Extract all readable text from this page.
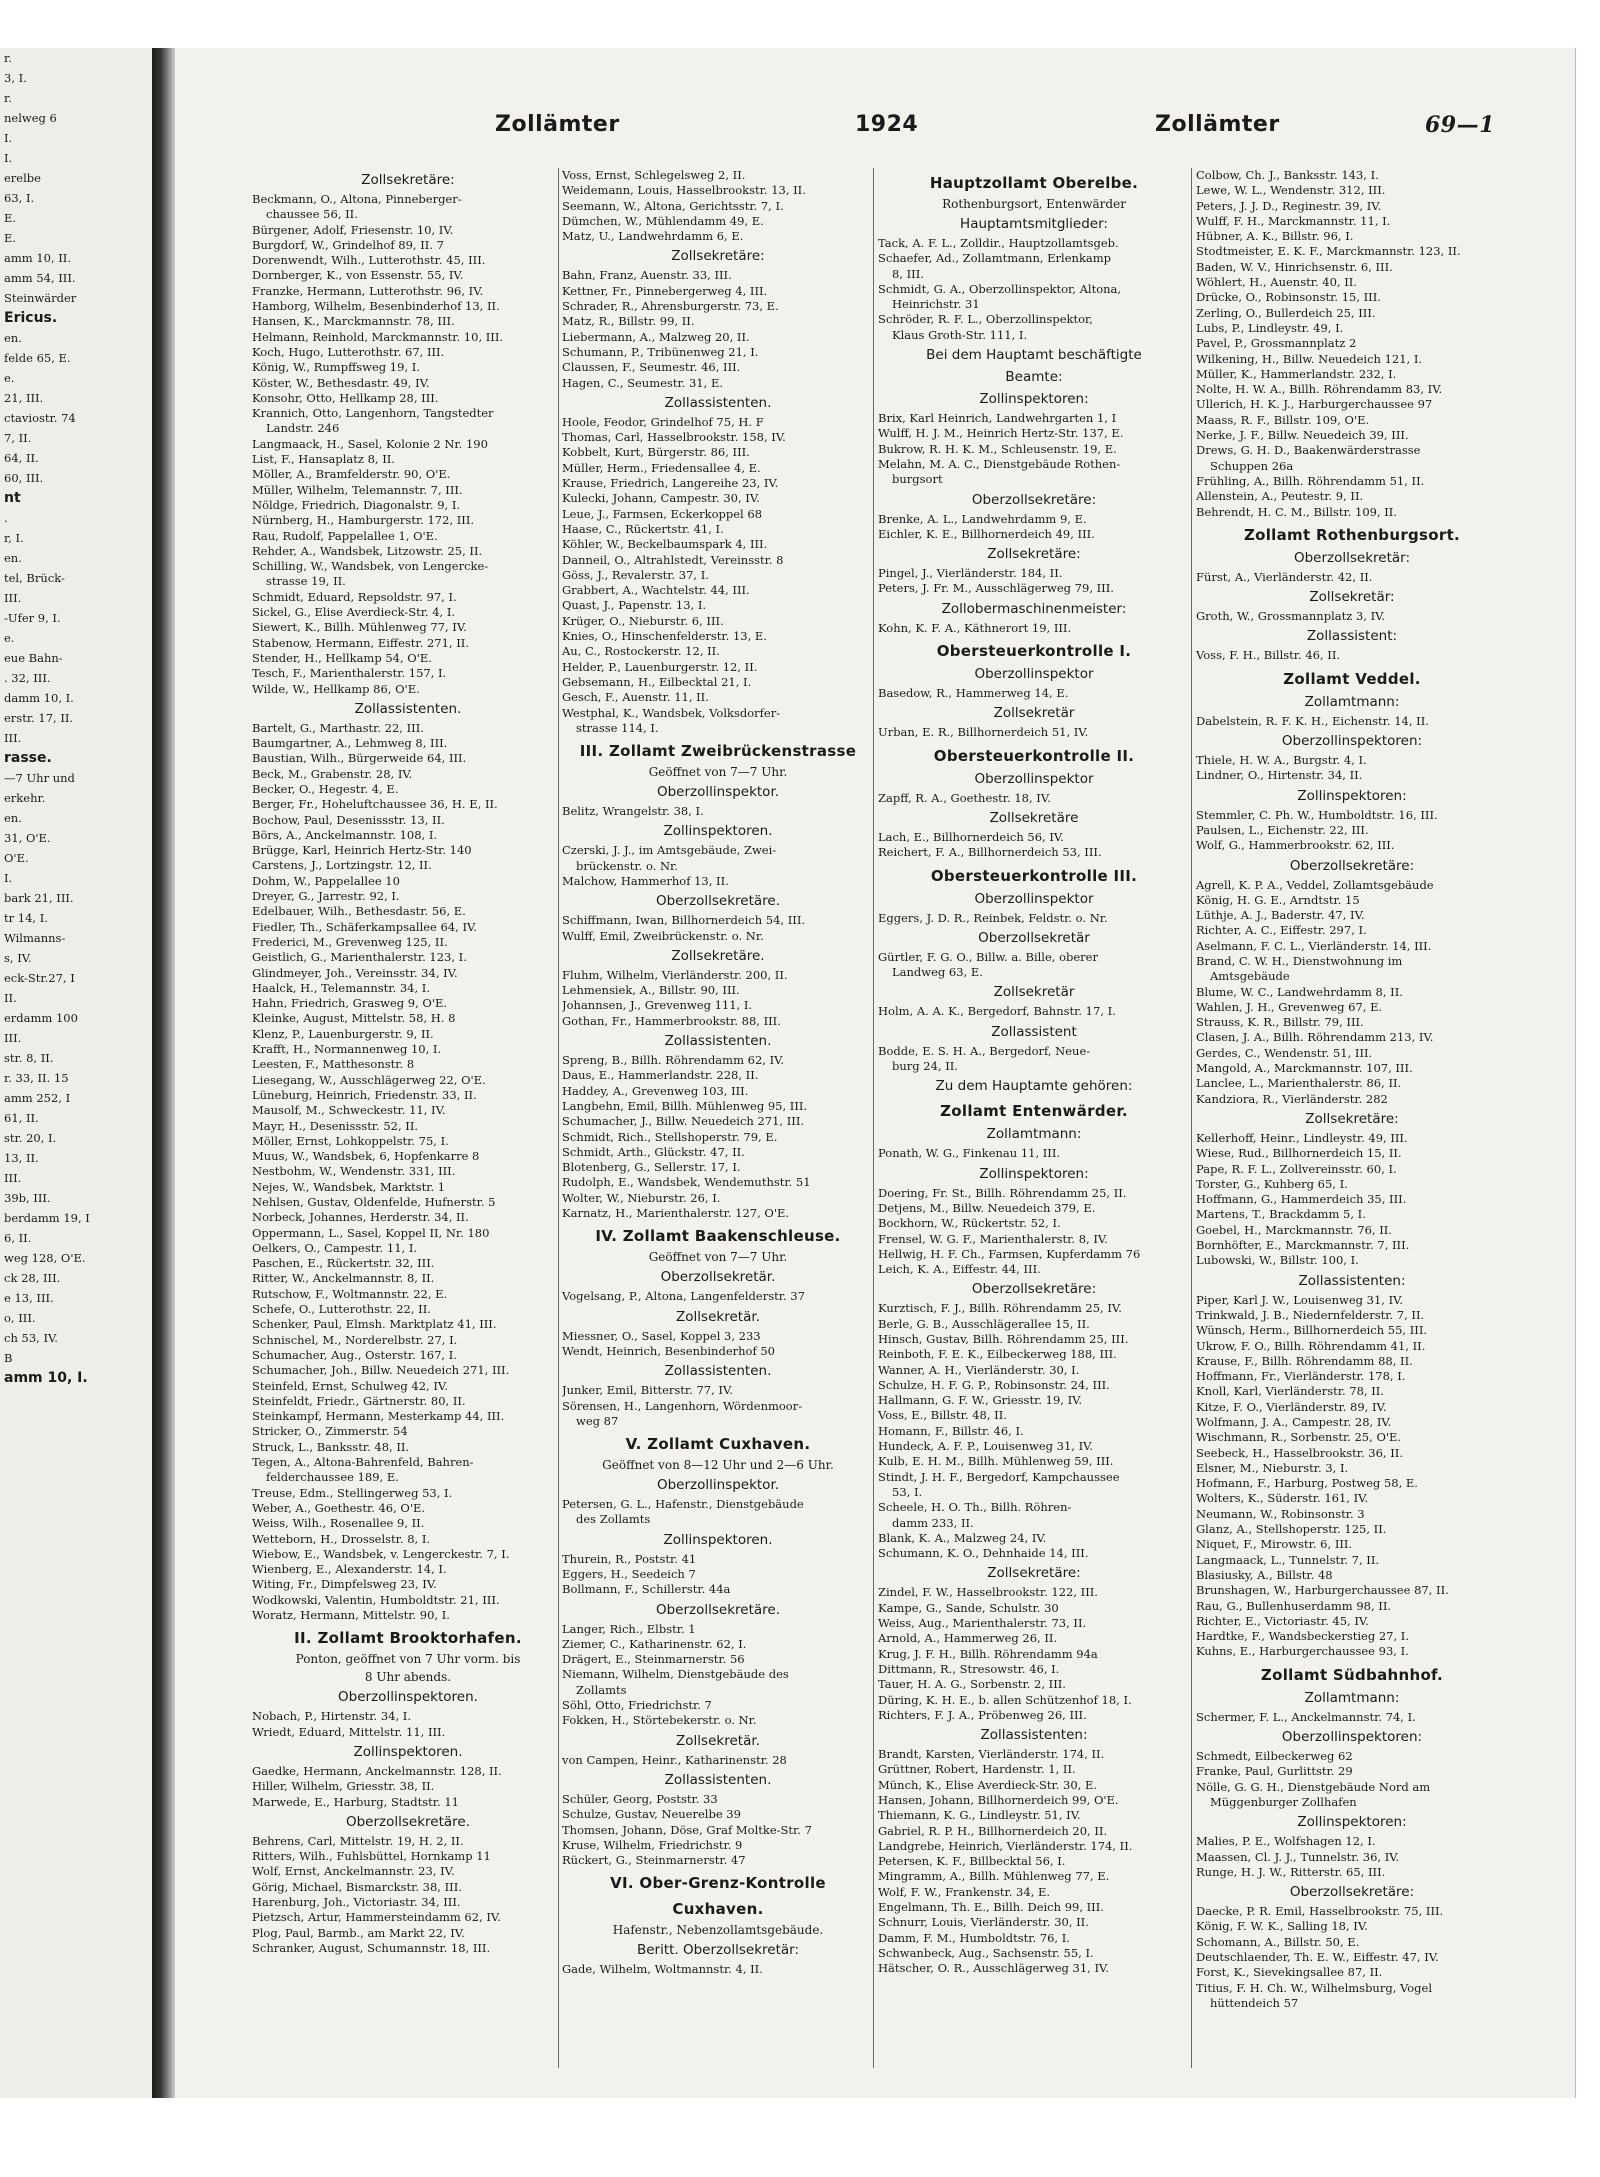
r.
3, I.
r.
nelweg 6
I.
I.
erelbe
63, I.
E.
E.
amm 10, II.
amm 54, III.
Steinwärder
Ericus.
en.
felde 65, E.
e.
21, III.
ctaviostr. 74
7, II.
64, II.
60, III.
nt
.
r, I.
en.
tel, Brück-
III.
-Ufer 9, I.
e.
eue Bahn-
. 32, III.
damm 10, I.
erstr. 17, II.
III.
rasse.
—7 Uhr und
erkehr.
en.
31, O'E.
O'E.
I.
bark 21, III.
tr 14, I.
Wilmanns-
s, IV.
eck-Str.27, I
II.
erdamm 100
III.
str. 8, II.
r. 33, II. 15
amm 252, I
61, II.
str. 20, I.
13, II.
III.
39b, III.
berdamm 19, I
6, II.
weg 128, O'E.
ck 28, III.
e 13, III.
o, III.
ch 53, IV.
B
amm 10, I.
Zollämter	1924	Zollämter	69—1
Zollsekretäre:
Beckmann, O., Altona, Pinneberger-
chaussee 56, II.
Bürgener, Adolf, Friesenstr. 10, IV.
Burgdorf, W., Grindelhof 89, II. 7
Dorenwendt, Wilh., Lutterothstr. 45, III.
Dornberger, K., von Essenstr. 55, IV.
Franzke, Hermann, Lutterothstr. 96, IV.
Hamborg, Wilhelm, Besenbinderhof 13, II.
Hansen, K., Marckmannstr. 78, III.
Helmann, Reinhold, Marckmannstr. 10, III.
Koch, Hugo, Lutterothstr. 67, III.
König, W., Rumpffsweg 19, I.
Köster, W., Bethesdastr. 49, IV.
Konsohr, Otto, Hellkamp 28, III.
Krannich, Otto, Langenhorn, Tangstedter
Landstr. 246
Langmaack, H., Sasel, Kolonie 2 Nr. 190
List, F., Hansaplatz 8, II.
Möller, A., Bramfelderstr. 90, O'E.
Müller, Wilhelm, Telemannstr. 7, III.
Nöldge, Friedrich, Diagonalstr. 9, I.
Nürnberg, H., Hamburgerstr. 172, III.
Rau, Rudolf, Pappelallee 1, O'E.
Rehder, A., Wandsbek, Litzowstr. 25, II.
Schilling, W., Wandsbek, von Lengercke-
strasse 19, II.
Schmidt, Eduard, Repsoldstr. 97, I.
Sickel, G., Elise Averdieck-Str. 4, I.
Siewert, K., Billh. Mühlenweg 77, IV.
Stabenow, Hermann, Eiffestr. 271, II.
Stender, H., Hellkamp 54, O'E.
Tesch, F., Marienthalerstr. 157, I.
Wilde, W., Hellkamp 86, O'E.
Zollassistenten.
Bartelt, G., Marthastr. 22, III.
Baumgartner, A., Lehmweg 8, III.
Baustian, Wilh., Bürgerweide 64, III.
Beck, M., Grabenstr. 28, IV.
Becker, O., Hegestr. 4, E.
Berger, Fr., Hoheluftchaussee 36, H. E, II.
Bochow, Paul, Desenissstr. 13, II.
Börs, A., Anckelmannstr. 108, I.
Brügge, Karl, Heinrich Hertz-Str. 140
Carstens, J., Lortzingstr. 12, II.
Dohm, W., Pappelallee 10
Dreyer, G., Jarrestr. 92, I.
Edelbauer, Wilh., Bethesdastr. 56, E.
Fiedler, Th., Schäferkampsallee 64, IV.
Frederici, M., Grevenweg 125, II.
Geistlich, G., Marienthalerstr. 123, I.
Glindmeyer, Joh., Vereinsstr. 34, IV.
Haalck, H., Telemannstr. 34, I.
Hahn, Friedrich, Grasweg 9, O'E.
Kleinke, August, Mittelstr. 58, H. 8
Klenz, P., Lauenburgerstr. 9, II.
Krafft, H., Normannenweg 10, I.
Leesten, F., Matthesonstr. 8
Liesegang, W., Ausschlägerweg 22, O'E.
Lüneburg, Heinrich, Friedenstr. 33, II.
Mausolf, M., Schweckestr. 11, IV.
Mayr, H., Desenissstr. 52, II.
Möller, Ernst, Lohkoppelstr. 75, I.
Muus, W., Wandsbek, 6, Hopfenkarre 8
Nestbohm, W., Wendenstr. 331, III.
Nejes, W., Wandsbek, Marktstr. 1
Nehlsen, Gustav, Oldenfelde, Hufnerstr. 5
Norbeck, Johannes, Herderstr. 34, II.
Oppermann, L., Sasel, Koppel II, Nr. 180
Oelkers, O., Campestr. 11, I.
Paschen, E., Rückertstr. 32, III.
Ritter, W., Anckelmannstr. 8, II.
Rutschow, F., Woltmannstr. 22, E.
Schefe, O., Lutterothstr. 22, II.
Schenker, Paul, Elmsh. Marktplatz 41, III.
Schnischel, M., Norderelbstr. 27, I.
Schumacher, Aug., Osterstr. 167, I.
Schumacher, Joh., Billw. Neuedeich 271, III.
Steinfeld, Ernst, Schulweg 42, IV.
Steinfeldt, Friedr., Gärtnerstr. 80, II.
Steinkampf, Hermann, Mesterkamp 44, III.
Stricker, O., Zimmerstr. 54
Struck, L., Banksstr. 48, II.
Tegen, A., Altona-Bahrenfeld, Bahren-
felderchaussee 189, E.
Treuse, Edm., Stellingerweg 53, I.
Weber, A., Goethestr. 46, O'E.
Weiss, Wilh., Rosenallee 9, II.
Wetteborn, H., Drosselstr. 8, I.
Wiebow, E., Wandsbek, v. Lengerckestr. 7, I.
Wienberg, E., Alexanderstr. 14, I.
Witing, Fr., Dimpfelsweg 23, IV.
Wodkowski, Valentin, Humboldtstr. 21, III.
Woratz, Hermann, Mittelstr. 90, I.
II. Zollamt Brooktorhafen.
Ponton, geöffnet von 7 Uhr vorm. bis
8 Uhr abends.
Oberzollinspektoren.
Nobach, P., Hirtenstr. 34, I.
Wriedt, Eduard, Mittelstr. 11, III.
Zollinspektoren.
Gaedke, Hermann, Anckelmannstr. 128, II.
Hiller, Wilhelm, Griesstr. 38, II.
Marwede, E., Harburg, Stadtstr. 11
Oberzollsekretäre.
Behrens, Carl, Mittelstr. 19, H. 2, II.
Ritters, Wilh., Fuhlsbüttel, Hornkamp 11
Wolf, Ernst, Anckelmannstr. 23, IV.
Görig, Michael, Bismarckstr. 38, III.
Harenburg, Joh., Victoriastr. 34, III.
Pietzsch, Artur, Hammersteindamm 62, IV.
Plog, Paul, Barmb., am Markt 22, IV.
Schranker, August, Schumannstr. 18, III.
Voss, Ernst, Schlegelsweg 2, II.
Weidemann, Louis, Hasselbrookstr. 13, II.
Seemann, W., Altona, Gerichtsstr. 7, I.
Dümchen, W., Mühlendamm 49, E.
Matz, U., Landwehrdamm 6, E.
Zollsekretäre:
Bahn, Franz, Auenstr. 33, III.
Kettner, Fr., Pinnebergerweg 4, III.
Schrader, R., Ahrensburgerstr. 73, E.
Matz, R., Billstr. 99, II.
Liebermann, A., Malzweg 20, II.
Schumann, P., Tribünenweg 21, I.
Claussen, F., Seumestr. 46, III.
Hagen, C., Seumestr. 31, E.
Zollassistenten.
Hoole, Feodor, Grindelhof 75, H. F
Thomas, Carl, Hasselbrookstr. 158, IV.
Kobbelt, Kurt, Bürgerstr. 86, III.
Müller, Herm., Friedensallee 4, E.
Krause, Friedrich, Langereihe 23, IV.
Kulecki, Johann, Campestr. 30, IV.
Leue, J., Farmsen, Eckerkoppel 68
Haase, C., Rückertstr. 41, I.
Köhler, W., Beckelbaumspark 4, III.
Danneil, O., Altrahlstedt, Vereinsstr. 8
Göss, J., Revalerstr. 37, I.
Grabbert, A., Wachtelstr. 44, III.
Quast, J., Papenstr. 13, I.
Krüger, O., Nieburstr. 6, III.
Knies, O., Hinschenfelderstr. 13, E.
Au, C., Rostockerstr. 12, II.
Helder, P., Lauenburgerstr. 12, II.
Gebsemann, H., Eilbecktal 21, I.
Gesch, F., Auenstr. 11, II.
Westphal, K., Wandsbek, Volksdorfer-
strasse 114, I.
III. Zollamt Zweibrückenstrasse
Geöffnet von 7—7 Uhr.
Oberzollinspektor.
Belitz, Wrangelstr. 38, I.
Zollinspektoren.
Czerski, J. J., im Amtsgebäude, Zwei-
brückenstr. o. Nr.
Malchow, Hammerhof 13, II.
Oberzollsekretäre.
Schiffmann, Iwan, Billhornerdeich 54, III.
Wulff, Emil, Zweibrückenstr. o. Nr.
Zollsekretäre.
Fluhm, Wilhelm, Vierländerstr. 200, II.
Lehmensiek, A., Billstr. 90, III.
Johannsen, J., Grevenweg 111, I.
Gothan, Fr., Hammerbrookstr. 88, III.
Zollassistenten.
Spreng, B., Billh. Röhrendamm 62, IV.
Daus, E., Hammerlandstr. 228, II.
Haddey, A., Grevenweg 103, III.
Langbehn, Emil, Billh. Mühlenweg 95, III.
Schumacher, J., Billw. Neuedeich 271, III.
Schmidt, Rich., Stellshoperstr. 79, E.
Schmidt, Arth., Glückstr. 47, II.
Blotenberg, G., Sellerstr. 17, I.
Rudolph, E., Wandsbek, Wendemuthstr. 51
Wolter, W., Nieburstr. 26, I.
Karnatz, H., Marienthalerstr. 127, O'E.
IV. Zollamt Baakenschleuse.
Geöffnet von 7—7 Uhr.
Oberzollsekretär.
Vogelsang, P., Altona, Langenfelderstr. 37
Zollsekretär.
Miessner, O., Sasel, Koppel 3, 233
Wendt, Heinrich, Besenbinderhof 50
Zollassistenten.
Junker, Emil, Bitterstr. 77, IV.
Sörensen, H., Langenhorn, Wördenmoor-
weg 87
V. Zollamt Cuxhaven.
Geöffnet von 8—12 Uhr und 2—6 Uhr.
Oberzollinspektor.
Petersen, G. L., Hafenstr., Dienstgebäude
des Zollamts
Zollinspektoren.
Thurein, R., Poststr. 41
Eggers, H., Seedeich 7
Bollmann, F., Schillerstr. 44a
Oberzollsekretäre.
Langer, Rich., Elbstr. 1
Ziemer, C., Katharinenstr. 62, I.
Drägert, E., Steinmarnerstr. 56
Niemann, Wilhelm, Dienstgebäude des
Zollamts
Söhl, Otto, Friedrichstr. 7
Fokken, H., Störtebekerstr. o. Nr.
Zollsekretär.
von Campen, Heinr., Katharinenstr. 28
Zollassistenten.
Schüler, Georg, Poststr. 33
Schulze, Gustav, Neuerelbe 39
Thomsen, Johann, Döse, Graf Moltke-Str. 7
Kruse, Wilhelm, Friedrichstr. 9
Rückert, G., Steinmarnerstr. 47
VI. Ober-Grenz-Kontrolle
Cuxhaven.
Hafenstr., Nebenzollamtsgebäude.
Beritt. Oberzollsekretär:
Gade, Wilhelm, Woltmannstr. 4, II.
Hauptzollamt Oberelbe.
Rothenburgsort, Entenwärder
Hauptamtsmitglieder:
Tack, A. F. L., Zolldir., Hauptzollamtsgeb.
Schaefer, Ad., Zollamtmann, Erlenkamp
8, III.
Schmidt, G. A., Oberzollinspektor, Altona,
Heinrichstr. 31
Schröder, R. F. L., Oberzollinspektor,
Klaus Groth-Str. 111, I.
Bei dem Hauptamt beschäftigte
Beamte:
Zollinspektoren:
Brix, Karl Heinrich, Landwehrgarten 1, I
Wulff, H. J. M., Heinrich Hertz-Str. 137, E.
Bukrow, R. H. K. M., Schleusenstr. 19, E.
Melahn, M. A. C., Dienstgebäude Rothen-
burgsort
Oberzollsekretäre:
Brenke, A. L., Landwehrdamm 9, E.
Eichler, K. E., Billhornerdeich 49, III.
Zollsekretäre:
Pingel, J., Vierländerstr. 184, II.
Peters, J. Fr. M., Ausschlägerweg 79, III.
Zollobermaschinenmeister:
Kohn, K. F. A., Käthnerort 19, III.
Obersteuerkontrolle I.
Oberzollinspektor
Basedow, R., Hammerweg 14, E.
Zollsekretär
Urban, E. R., Billhornerdeich 51, IV.
Obersteuerkontrolle II.
Oberzollinspektor
Zapff, R. A., Goethestr. 18, IV.
Zollsekretäre
Lach, E., Billhornerdeich 56, IV.
Reichert, F. A., Billhornerdeich 53, III.
Obersteuerkontrolle III.
Oberzollinspektor
Eggers, J. D. R., Reinbek, Feldstr. o. Nr.
Oberzollsekretär
Gürtler, F. G. O., Billw. a. Bille, oberer
Landweg 63, E.
Zollsekretär
Holm, A. A. K., Bergedorf, Bahnstr. 17, I.
Zollassistent
Bodde, E. S. H. A., Bergedorf, Neue-
burg 24, II.
Zu dem Hauptamte gehören:
Zollamt Entenwärder.
Zollamtmann:
Ponath, W. G., Finkenau 11, III.
Zollinspektoren:
Doering, Fr. St., Billh. Röhrendamm 25, II.
Detjens, M., Billw. Neuedeich 379, E.
Bockhorn, W., Rückertstr. 52, I.
Frensel, W. G. F., Marienthalerstr. 8, IV.
Hellwig, H. F. Ch., Farmsen, Kupferdamm 76
Leich, K. A., Eiffestr. 44, III.
Oberzollsekretäre:
Kurztisch, F. J., Billh. Röhrendamm 25, IV.
Berle, G. B., Ausschlägerallee 15, II.
Hinsch, Gustav, Billh. Röhrendamm 25, III.
Reinboth, F. E. K., Eilbeckerweg 188, III.
Wanner, A. H., Vierländerstr. 30, I.
Schulze, H. F. G. P., Robinsonstr. 24, III.
Hallmann, G. F. W., Griesstr. 19, IV.
Voss, E., Billstr. 48, II.
Homann, F., Billstr. 46, I.
Hundeck, A. F. P., Louisenweg 31, IV.
Kulb, E. H. M., Billh. Mühlenweg 59, III.
Stindt, J. H. F., Bergedorf, Kampchaussee
53, I.
Scheele, H. O. Th., Billh. Röhren-
damm 233, II.
Blank, K. A., Malzweg 24, IV.
Schumann, K. O., Dehnhaide 14, III.
Zollsekretäre:
Zindel, F. W., Hasselbrookstr. 122, III.
Kampe, G., Sande, Schulstr. 30
Weiss, Aug., Marienthalerstr. 73, II.
Arnold, A., Hammerweg 26, II.
Krug, J. F. H., Billh. Röhrendamm 94a
Dittmann, R., Stresowstr. 46, I.
Tauer, H. A. G., Sorbenstr. 2, III.
Düring, K. H. E., b. allen Schützenhof 18, I.
Richters, F. J. A., Pröbenweg 26, III.
Zollassistenten:
Brandt, Karsten, Vierländerstr. 174, II.
Grüttner, Robert, Hardenstr. 1, II.
Münch, K., Elise Averdieck-Str. 30, E.
Hansen, Johann, Billhornerdeich 99, O'E.
Thiemann, K. G., Lindleystr. 51, IV.
Gabriel, R. P. H., Billhornerdeich 20, II.
Landgrebe, Heinrich, Vierländerstr. 174, II.
Petersen, K. F., Billbecktal 56, I.
Mingramm, A., Billh. Mühlenweg 77, E.
Wolf, F. W., Frankenstr. 34, E.
Engelmann, Th. E., Billh. Deich 99, III.
Schnurr, Louis, Vierländerstr. 30, II.
Damm, F. M., Humboldtstr. 76, I.
Schwanbeck, Aug., Sachsenstr. 55, I.
Hätscher, O. R., Ausschlägerweg 31, IV.
Colbow, Ch. J., Banksstr. 143, I.
Lewe, W. L., Wendenstr. 312, III.
Peters, J. J. D., Reginestr. 39, IV.
Wulff, F. H., Marckmannstr. 11, I.
Hübner, A. K., Billstr. 96, I.
Stodtmeister, E. K. F., Marckmannstr. 123, II.
Baden, W. V., Hinrichsenstr. 6, III.
Wöhlert, H., Auenstr. 40, II.
Drücke, O., Robinsonstr. 15, III.
Zerling, O., Bullerdeich 25, III.
Lubs, P., Lindleystr. 49, I.
Pavel, P., Grossmannplatz 2
Wilkening, H., Billw. Neuedeich 121, I.
Müller, K., Hammerlandstr. 232, I.
Nolte, H. W. A., Billh. Röhrendamm 83, IV.
Ullerich, H. K. J., Harburgerchaussee 97
Maass, R. F., Billstr. 109, O'E.
Nerke, J. F., Billw. Neuedeich 39, III.
Drews, G. H. D., Baakenwärderstrasse
Schuppen 26a
Frühling, A., Billh. Röhrendamm 51, II.
Allenstein, A., Peutestr. 9, II.
Behrendt, H. C. M., Billstr. 109, II.
Zollamt Rothenburgsort.
Oberzollsekretär:
Fürst, A., Vierländerstr. 42, II.
Zollsekretär:
Groth, W., Grossmannplatz 3, IV.
Zollassistent:
Voss, F. H., Billstr. 46, II.
Zollamt Veddel.
Zollamtmann:
Dabelstein, R. F. K. H., Eichenstr. 14, II.
Oberzollinspektoren:
Thiele, H. W. A., Burgstr. 4, I.
Lindner, O., Hirtenstr. 34, II.
Zollinspektoren:
Stemmler, C. Ph. W., Humboldtstr. 16, III.
Paulsen, L., Eichenstr. 22, III.
Wolf, G., Hammerbrookstr. 62, III.
Oberzollsekretäre:
Agrell, K. P. A., Veddel, Zollamtsgebäude
König, H. G. E., Arndtstr. 15
Lüthje, A. J., Baderstr. 47, IV.
Richter, A. C., Eiffestr. 297, I.
Aselmann, F. C. L., Vierländerstr. 14, III.
Brand, C. W. H., Dienstwohnung im
Amtsgebäude
Blume, W. C., Landwehrdamm 8, II.
Wahlen, J. H., Grevenweg 67, E.
Strauss, K. R., Billstr. 79, III.
Clasen, J. A., Billh. Röhrendamm 213, IV.
Gerdes, C., Wendenstr. 51, III.
Mangold, A., Marckmannstr. 107, III.
Lanclee, L., Marienthalerstr. 86, II.
Kandziora, R., Vierländerstr. 282
Zollsekretäre:
Kellerhoff, Heinr., Lindleystr. 49, III.
Wiese, Rud., Billhornerdeich 15, II.
Pape, R. F. L., Zollvereinsstr. 60, I.
Torster, G., Kuhberg 65, I.
Hoffmann, G., Hammerdeich 35, III.
Martens, T., Brackdamm 5, I.
Goebel, H., Marckmannstr. 76, II.
Bornhöfter, E., Marckmannstr. 7, III.
Lubowski, W., Billstr. 100, I.
Zollassistenten:
Piper, Karl J. W., Louisenweg 31, IV.
Trinkwald, J. B., Niedernfelderstr. 7, II.
Wünsch, Herm., Billhornerdeich 55, III.
Ukrow, F. O., Billh. Röhrendamm 41, II.
Krause, F., Billh. Röhrendamm 88, II.
Hoffmann, Fr., Vierländerstr. 178, I.
Knoll, Karl, Vierländerstr. 78, II.
Kitze, F. O., Vierländerstr. 89, IV.
Wolfmann, J. A., Campestr. 28, IV.
Wischmann, R., Sorbenstr. 25, O'E.
Seebeck, H., Hasselbrookstr. 36, II.
Elsner, M., Nieburstr. 3, I.
Hofmann, F., Harburg, Postweg 58, E.
Wolters, K., Süderstr. 161, IV.
Neumann, W., Robinsonstr. 3
Glanz, A., Stellshoperstr. 125, II.
Niquet, F., Mirowstr. 6, III.
Langmaack, L., Tunnelstr. 7, II.
Blasiusky, A., Billstr. 48
Brunshagen, W., Harburgerchaussee 87, II.
Rau, G., Bullenhuserdamm 98, II.
Richter, E., Victoriastr. 45, IV.
Hardtke, F., Wandsbeckerstieg 27, I.
Kuhns, E., Harburgerchaussee 93, I.
Zollamt Südbahnhof.
Zollamtmann:
Schermer, F. L., Anckelmannstr. 74, I.
Oberzollinspektoren:
Schmedt, Eilbeckerweg 62
Franke, Paul, Gurlittstr. 29
Nölle, G. G. H., Dienstgebäude Nord am
Müggenburger Zollhafen
Zollinspektoren:
Malies, P. E., Wolfshagen 12, I.
Maassen, Cl. J. J., Tunnelstr. 36, IV.
Runge, H. J. W., Ritterstr. 65, III.
Oberzollsekretäre:
Daecke, P. R. Emil, Hasselbrookstr. 75, III.
König, F. W. K., Salling 18, IV.
Schomann, A., Billstr. 50, E.
Deutschlaender, Th. E. W., Eiffestr. 47, IV.
Forst, K., Sievekingsallee 87, II.
Titius, F. H. Ch. W., Wilhelmsburg, Vogel
hüttendeich 57
